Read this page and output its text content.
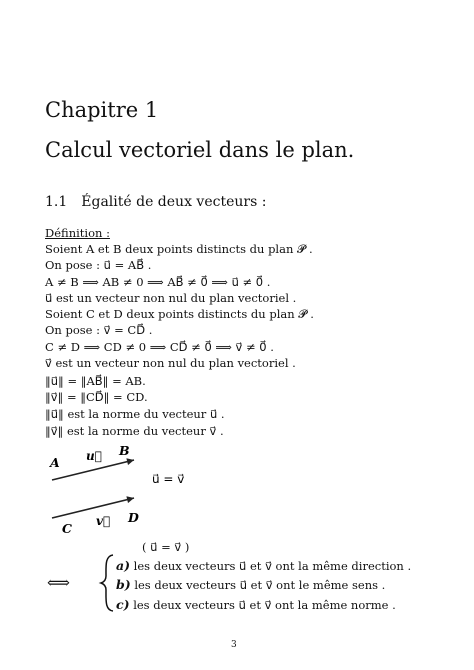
Chapitre 1
Calcul vectoriel dans le plan.
1.1 Égalité de deux vecteurs :
Définition :
Soient A et B deux points distincts du plan 𝓟 .
On pose : u⃗ = AB⃗ .
A ≠ B ⟹ AB ≠ 0 ⟹ AB⃗ ≠ 0⃗ ⟹ u⃗ ≠ 0⃗ .
u⃗ est un vecteur non nul du plan vectoriel .
Soient C et D deux points distincts du plan 𝓟 .
On pose : v⃗ = CD⃗ .
C ≠ D ⟹ CD ≠ 0 ⟹ CD⃗ ≠ 0⃗ ⟹ v⃗ ≠ 0⃗ .
v⃗ est un vecteur non nul du plan vectoriel .
‖u⃗‖ = ‖AB⃗‖ = AB.
‖v⃗‖ = ‖CD⃗‖ = CD.
‖u⃗‖ est la norme du vecteur u⃗ .
‖v⃗‖ est la norme du vecteur v⃗ .
A
B
u⃗
C
D
v⃗
u⃗ = v⃗
( u⃗ = v⃗ )
⟺
a) les deux vecteurs u⃗ et v⃗ ont la même direction .
b) les deux vecteurs u⃗ et v⃗ ont le même sens .
c) les deux vecteurs u⃗ et v⃗ ont la même norme .
3
